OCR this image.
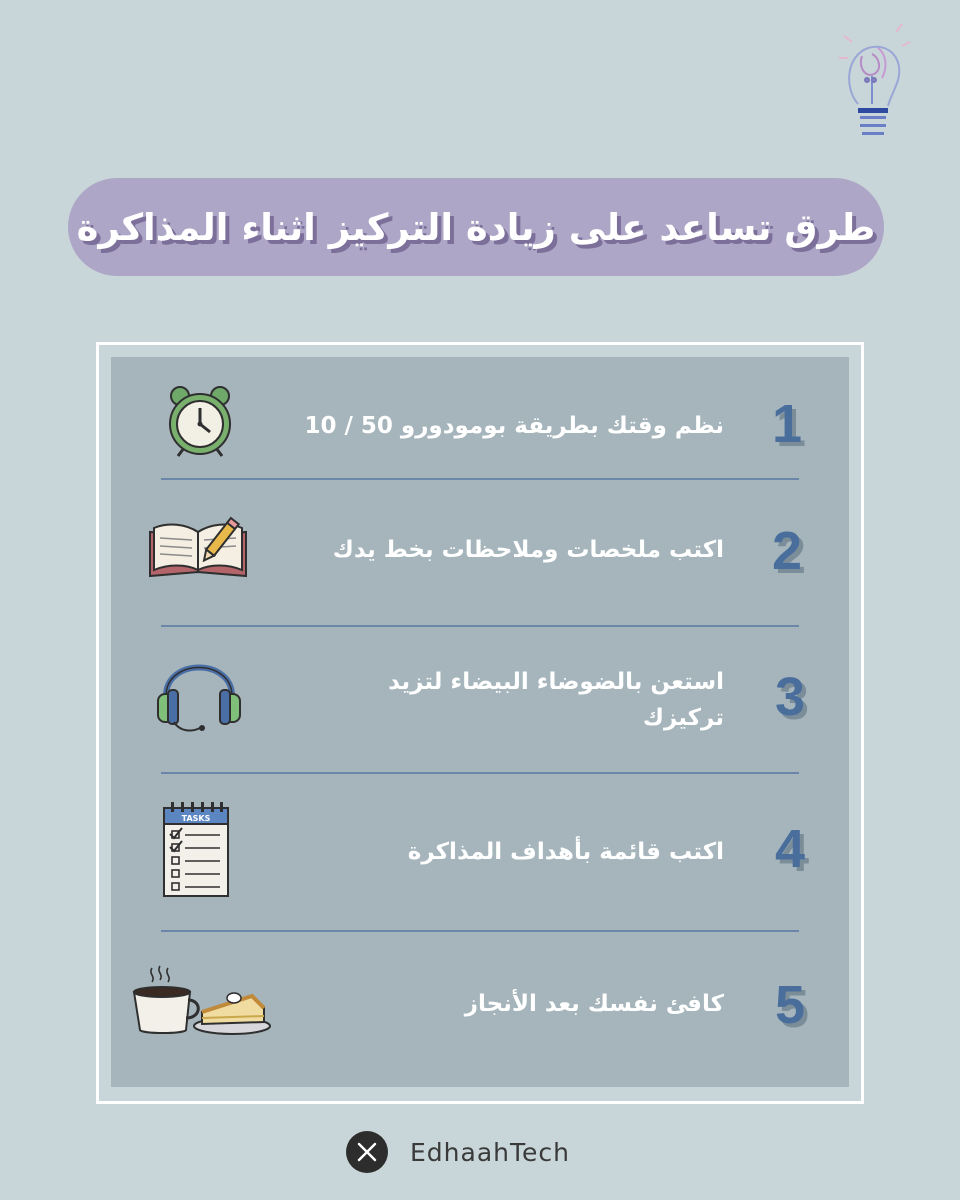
طرق تساعد على زيادة التركيز اثناء المذاكرة
1
نظم وقتك بطريقة بومودورو 50 / 10
2
اكتب ملخصات وملاحظات بخط يدك
3
استعن بالضوضاء البيضاء لتزيد تركيزك
4
اكتب قائمة بأهداف المذاكرة
TASKS
5
كافئ نفسك بعد الأنجاز
EdhaahTech
